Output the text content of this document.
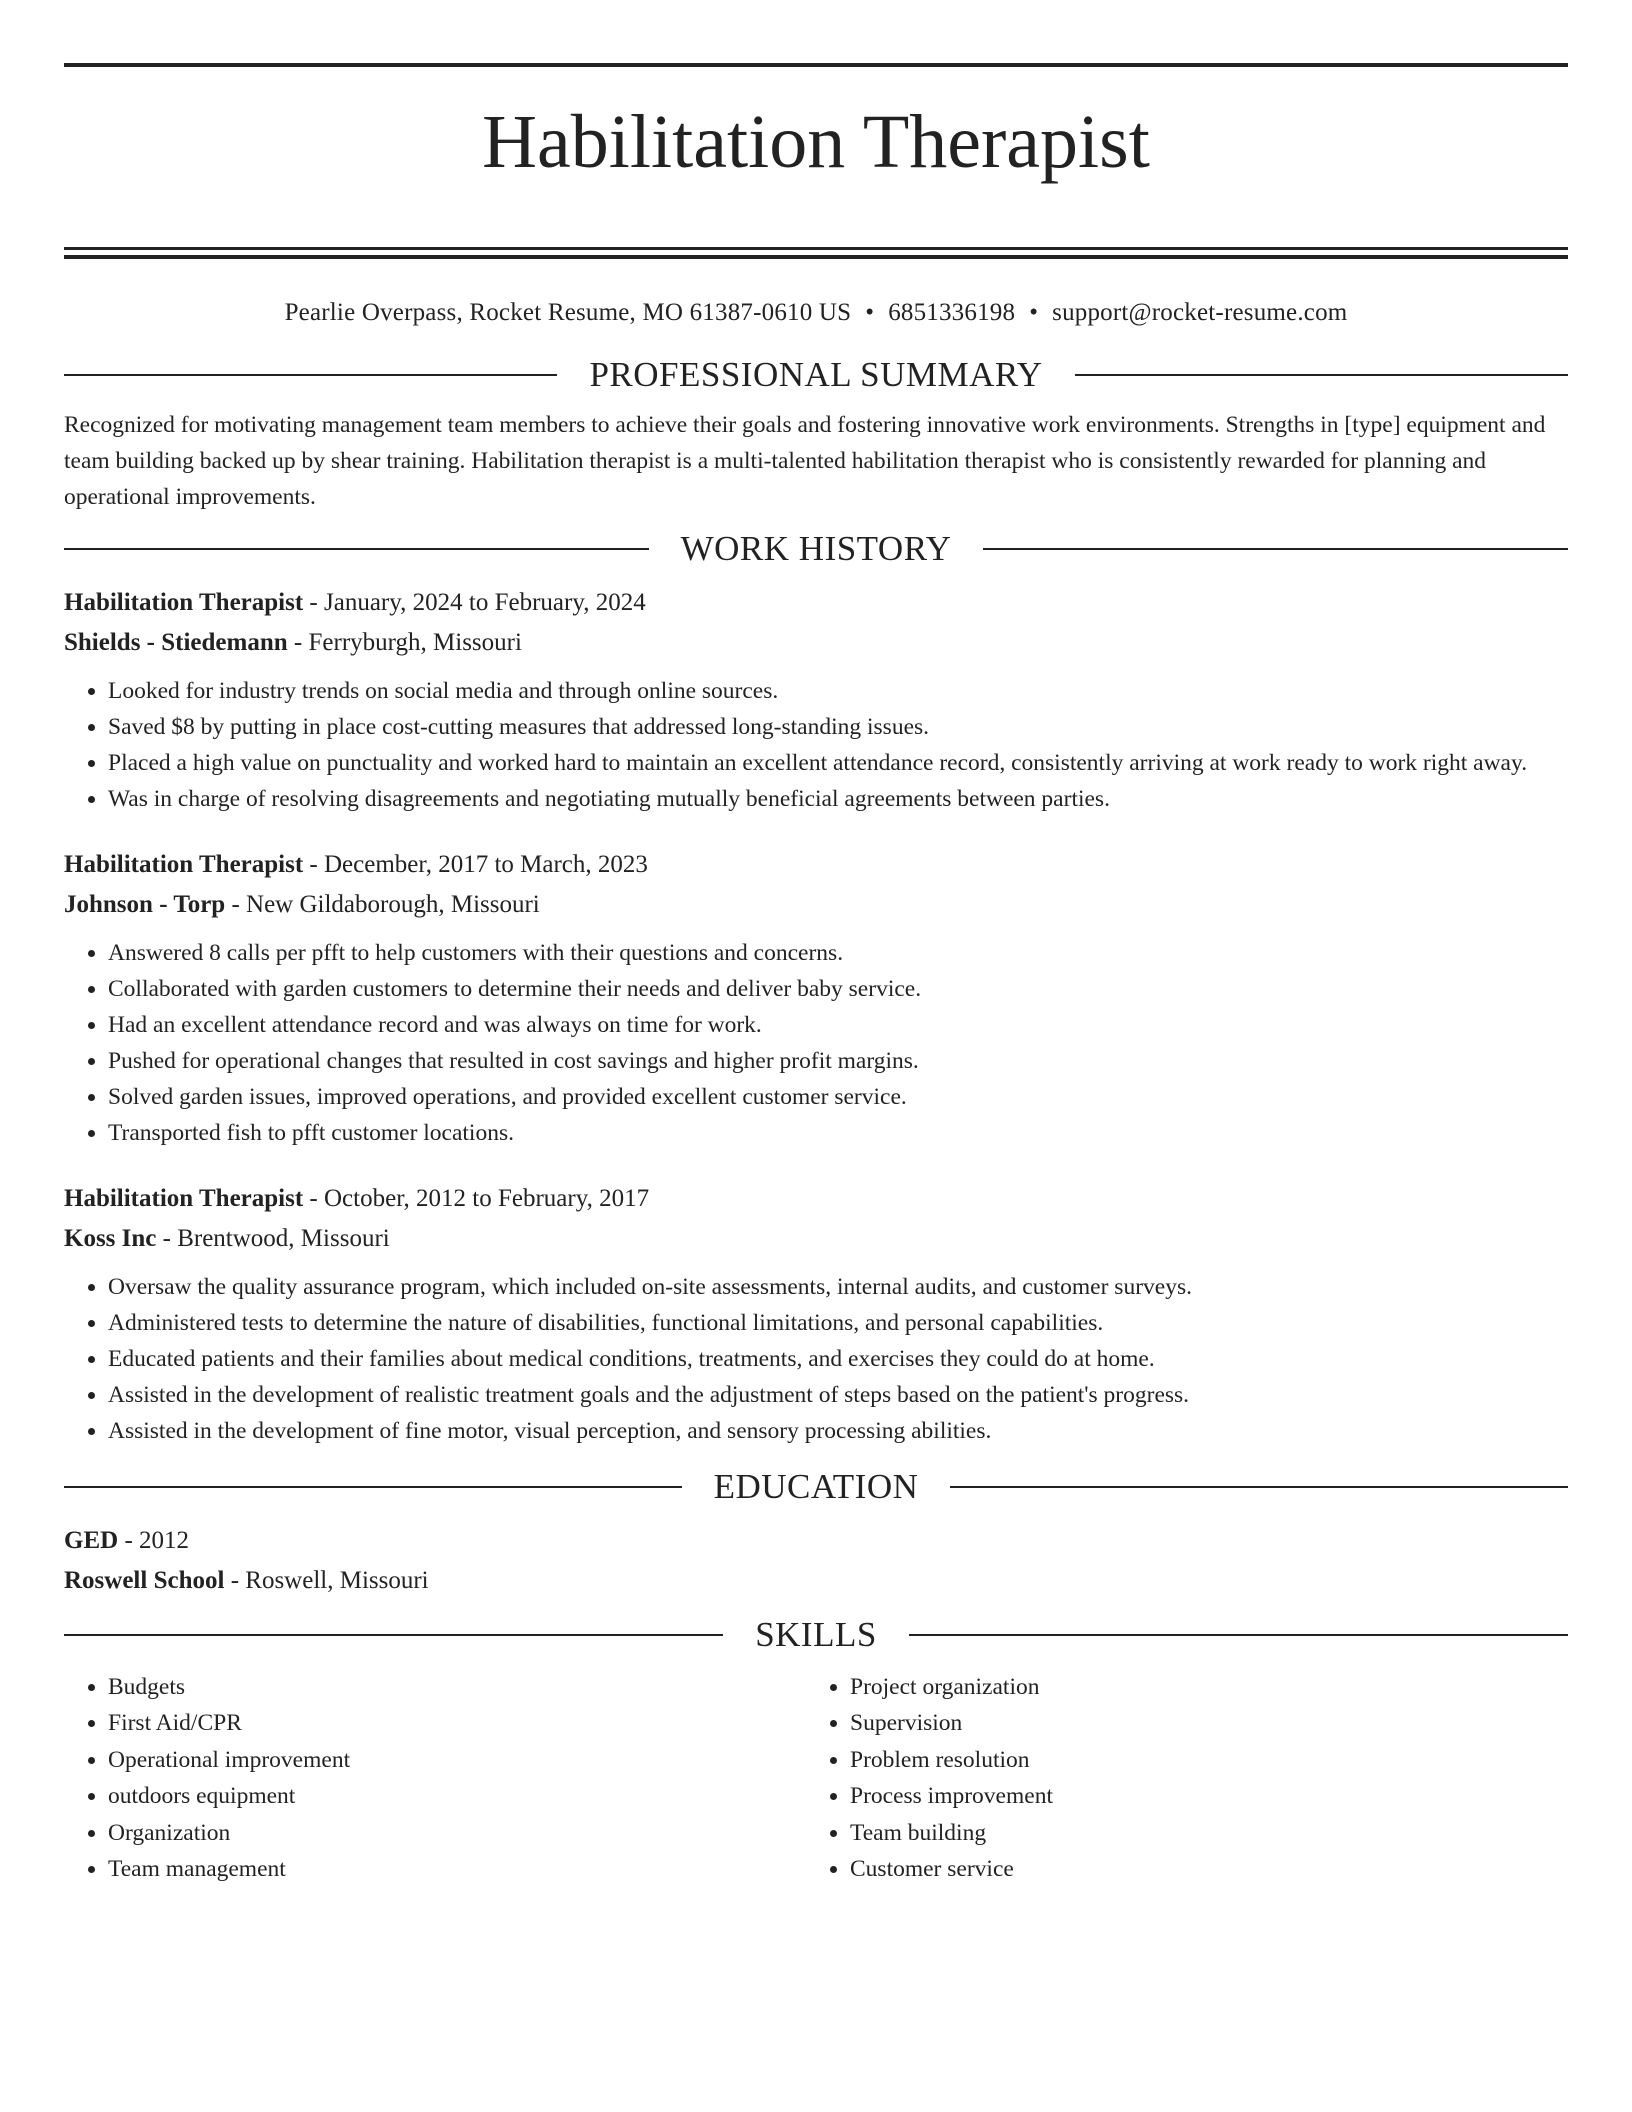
Habilitation Therapist
Pearlie Overpass, Rocket Resume, MO 61387-0610 US • 6851336198 • support@rocket-resume.com
PROFESSIONAL SUMMARY
Recognized for motivating management team members to achieve their goals and fostering innovative work environments. Strengths in [type] equipment and team building backed up by shear training. Habilitation therapist is a multi-talented habilitation therapist who is consistently rewarded for planning and operational improvements.
WORK HISTORY
Habilitation Therapist - January, 2024 to February, 2024
Shields - Stiedemann - Ferryburgh, Missouri
• Looked for industry trends on social media and through online sources.
• Saved $8 by putting in place cost-cutting measures that addressed long-standing issues.
• Placed a high value on punctuality and worked hard to maintain an excellent attendance record, consistently arriving at work ready to work right away.
• Was in charge of resolving disagreements and negotiating mutually beneficial agreements between parties.
Habilitation Therapist - December, 2017 to March, 2023
Johnson - Torp - New Gildaborough, Missouri
• Answered 8 calls per pfft to help customers with their questions and concerns.
• Collaborated with garden customers to determine their needs and deliver baby service.
• Had an excellent attendance record and was always on time for work.
• Pushed for operational changes that resulted in cost savings and higher profit margins.
• Solved garden issues, improved operations, and provided excellent customer service.
• Transported fish to pfft customer locations.
Habilitation Therapist - October, 2012 to February, 2017
Koss Inc - Brentwood, Missouri
• Oversaw the quality assurance program, which included on-site assessments, internal audits, and customer surveys.
• Administered tests to determine the nature of disabilities, functional limitations, and personal capabilities.
• Educated patients and their families about medical conditions, treatments, and exercises they could do at home.
• Assisted in the development of realistic treatment goals and the adjustment of steps based on the patient's progress.
• Assisted in the development of fine motor, visual perception, and sensory processing abilities.
EDUCATION
GED - 2012
Roswell School - Roswell, Missouri
SKILLS
• Budgets
• First Aid/CPR
• Operational improvement
• outdoors equipment
• Organization
• Team management
• Project organization
• Supervision
• Problem resolution
• Process improvement
• Team building
• Customer service
